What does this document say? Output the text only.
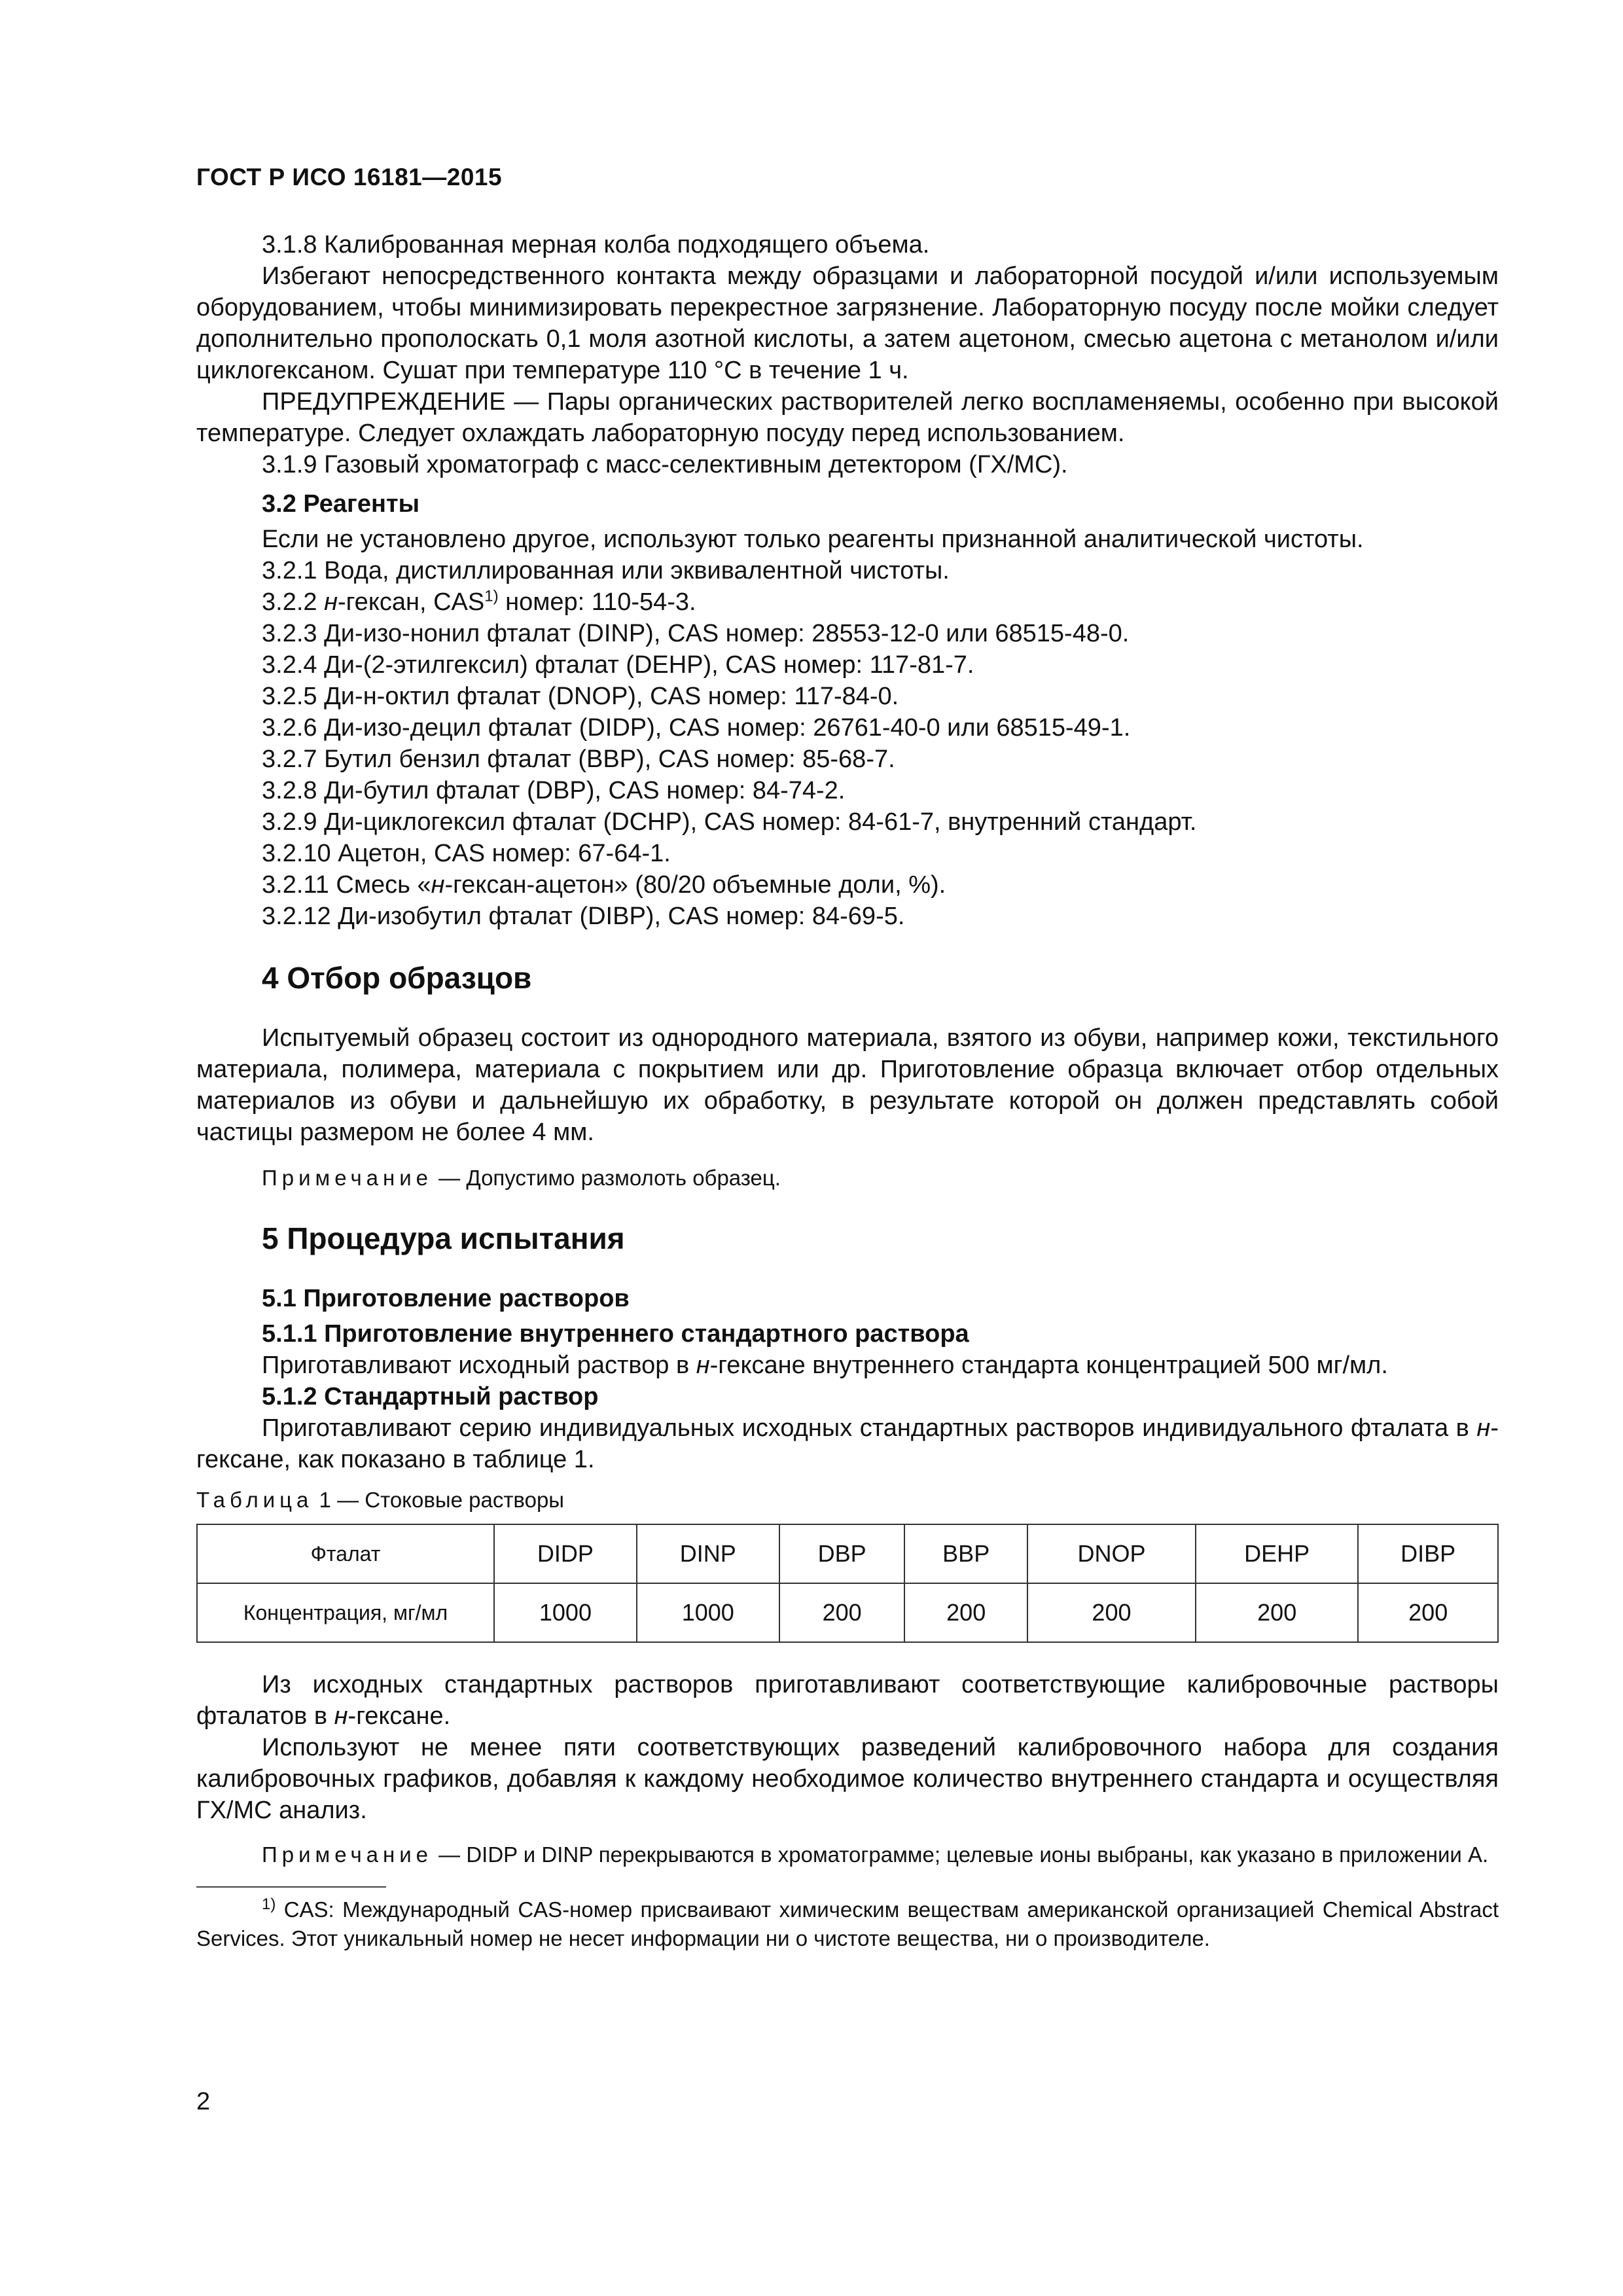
ГОСТ Р ИСО 16181—2015

3.1.8 Калиброванная мерная колба подходящего объема.

Избегают непосредственного контакта между образцами и лабораторной посудой и/или используемым оборудованием, чтобы минимизировать перекрестное загрязнение. Лабораторную посуду после мойки следует дополнительно прополоскать 0,1 моля азотной кислоты, а затем ацетоном, смесью ацетона с метанолом и/или циклогексаном. Сушат при температуре 110 °С в течение 1 ч.

ПРЕДУПРЕЖДЕНИЕ — Пары органических растворителей легко воспламеняемы, особенно при высокой температуре. Следует охлаждать лабораторную посуду перед использованием.

3.1.9 Газовый хроматограф с масс-селективным детектором (ГХ/МС).

3.2 Реагенты

Если не установлено другое, используют только реагенты признанной аналитической чистоты.

3.2.1 Вода, дистиллированная или эквивалентной чистоты.

3.2.2 н-гексан, CAS$^{1)}$ номер: 110-54-3.

3.2.3 Ди-изо-нонил фталат (DINP), CAS номер: 28553-12-0 или 68515-48-0.

3.2.4 Ди-(2-этилгексил) фталат (DEHP), CAS номер: 117-81-7.

3.2.5 Ди-н-октил фталат (DNOP), CAS номер: 117-84-0.

3.2.6 Ди-изо-децил фталат (DIDP), CAS номер: 26761-40-0 или 68515-49-1.

3.2.7 Бутил бензил фталат (BBP), CAS номер: 85-68-7.

3.2.8 Ди-бутил фталат (DBP), CAS номер: 84-74-2.

3.2.9 Ди-циклогексил фталат (DCHP), CAS номер: 84-61-7, внутренний стандарт.

3.2.10 Ацетон, CAS номер: 67-64-1.

3.2.11 Смесь «н-гексан-ацетон» (80/20 объемные доли, %).

3.2.12 Ди-изобутил фталат (DIBP), CAS номер: 84-69-5.

4 Отбор образцов

Испытуемый образец состоит из однородного материала, взятого из обуви, например кожи, текстильного материала, полимера, материала с покрытием или др. Приготовление образца включает отбор отдельных материалов из обуви и дальнейшую их обработку, в результате которой он должен представлять собой частицы размером не более 4 мм.

Примечание — Допустимо размолоть образец.

5 Процедура испытания

5.1 Приготовление растворов

5.1.1 Приготовление внутреннего стандартного раствора

Приготавливают исходный раствор в н-гексане внутреннего стандарта концентрацией 500 мг/мл.

5.1.2 Стандартный раствор

Приготавливают серию индивидуальных исходных стандартных растворов индивидуального фталата в н-гексане, как показано в таблице 1.

Таблица 1 — Стоковые растворы

Фталат	DIDP	DINP	DBP	BBP	DNOP	DEHP	DIBP
Концентрация, мг/мл	1000	1000	200	200	200	200	200

Из исходных стандартных растворов приготавливают соответствующие калибровочные растворы фталатов в н-гексане.

Используют не менее пяти соответствующих разведений калибровочного набора для создания калибровочных графиков, добавляя к каждому необходимое количество внутреннего стандарта и осуществляя ГХ/МС анализ.

Примечание — DIDP и DINP перекрываются в хроматограмме; целевые ионы выбраны, как указано в приложении А.

$^{1)}$ CAS: Международный CAS-номер присваивают химическим веществам американской организацией Chemical Abstract Services. Этот уникальный номер не несет информации ни о чистоте вещества, ни о производителе.

2
